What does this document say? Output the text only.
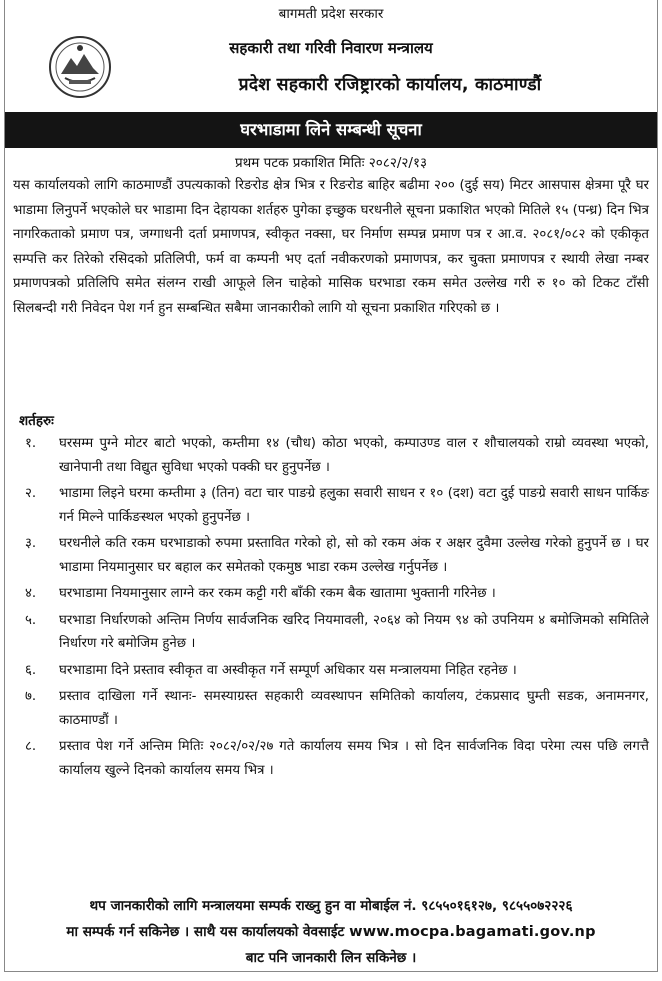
बागमती प्रदेश सरकार
सहकारी तथा गरिवी निवारण मन्त्रालय
प्रदेश सहकारी रजिष्ट्रारको कार्यालय, काठमाण्डौं
घरभाडामा लिने सम्बन्धी सूचना
प्रथम पटक प्रकाशित मितिः २०८२/२/१३

यस कार्यालयको लागि काठमाण्डौं उपत्यकाको रिङरोड क्षेत्र भित्र र रिङरोड बाहिर बढीमा २०० (दुई सय) मिटर आसपास क्षेत्रमा पूरै घर भाडामा लिनुपर्ने भएकोले घर भाडामा दिन देहायका शर्तहरु पुगेका इच्छुक घरधनीले सूचना प्रकाशित भएको मितिले १५ (पन्ध्र) दिन भित्र नागरिकताको प्रमाण पत्र, जग्गाधनी दर्ता प्रमाणपत्र, स्वीकृत नक्सा, घर निर्माण सम्पन्न प्रमाण पत्र र आ.व. २०८१/०८२ को एकीकृत सम्पत्ति कर तिरेको रसिदको प्रतिलिपी, फर्म वा कम्पनी भए दर्ता नवीकरणको प्रमाणपत्र, कर चुक्ता प्रमाणपत्र र स्थायी लेखा नम्बर प्रमाणपत्रको प्रतिलिपि समेत संलग्न राखी आफूले लिन चाहेको मासिक घरभाडा रकम समेत उल्लेख गरी रु १० को टिकट टाँसी सिलबन्दी गरी निवेदन पेश गर्न हुन सम्बन्धित सबैमा जानकारीको लागि यो सूचना प्रकाशित गरिएको छ ।

शर्तहरुः

१.	घरसम्म पुग्ने मोटर बाटो भएको, कम्तीमा १४ (चौध) कोठा भएको, कम्पाउण्ड वाल र शौचालयको राम्रो व्यवस्था भएको, खानेपानी तथा विद्युत सुविधा भएको पक्की घर हुनुपर्नेछ ।
२.	भाडामा लिइने घरमा कम्तीमा ३ (तिन) वटा चार पाङग्रे हलुका सवारी साधन र १० (दश) वटा दुई पाङग्रे सवारी साधन पार्किङ गर्न मिल्ने पार्किङस्थल भएको हुनुपर्नेछ ।
३.	घरधनीले कति रकम घरभाडाको रुपमा प्रस्तावित गरेको हो, सो को रकम अंक र अक्षर दुवैमा उल्लेख गरेको हुनुपर्ने छ । घर भाडामा नियमानुसार घर बहाल कर समेतको एकमुष्ठ भाडा रकम उल्लेख गर्नुपर्नेछ ।
४.	घरभाडामा नियमानुसार लाग्ने कर रकम कट्टी गरी बाँकी रकम बैक खातामा भुक्तानी गरिनेछ ।
५.	घरभाडा निर्धारणको अन्तिम निर्णय सार्वजनिक खरिद नियमावली, २०६४ को नियम ९४ को उपनियम ४ बमोजिमको समितिले निर्धारण गरे बमोजिम हुनेछ ।
६.	घरभाडामा दिने प्रस्ताव स्वीकृत वा अस्वीकृत गर्ने सम्पूर्ण अधिकार यस मन्त्रालयमा निहित रहनेछ ।
७.	प्रस्ताव दाखिला गर्ने स्थानः- समस्याग्रस्त सहकारी व्यवस्थापन समितिको कार्यालय, टंकप्रसाद घुम्ती सडक, अनामनगर, काठमाण्डौं ।
८.	प्रस्ताव पेश गर्ने अन्तिम मितिः २०८२/०२/२७ गते कार्यालय समय भित्र । सो दिन सार्वजनिक विदा परेमा त्यस पछि लगत्तै कार्यालय खुल्ने दिनको कार्यालय समय भित्र ।

थप जानकारीको लागि मन्त्रालयमा सम्पर्क राख्नु हुन वा मोबाईल नं. ९८५५०१६१२७, ९८५५०७२२२६
मा सम्पर्क गर्न सकिनेछ । साथै यस कार्यालयको वेवसाईट www.mocpa.bagamati.gov.np
बाट पनि जानकारी लिन सकिनेछ ।
